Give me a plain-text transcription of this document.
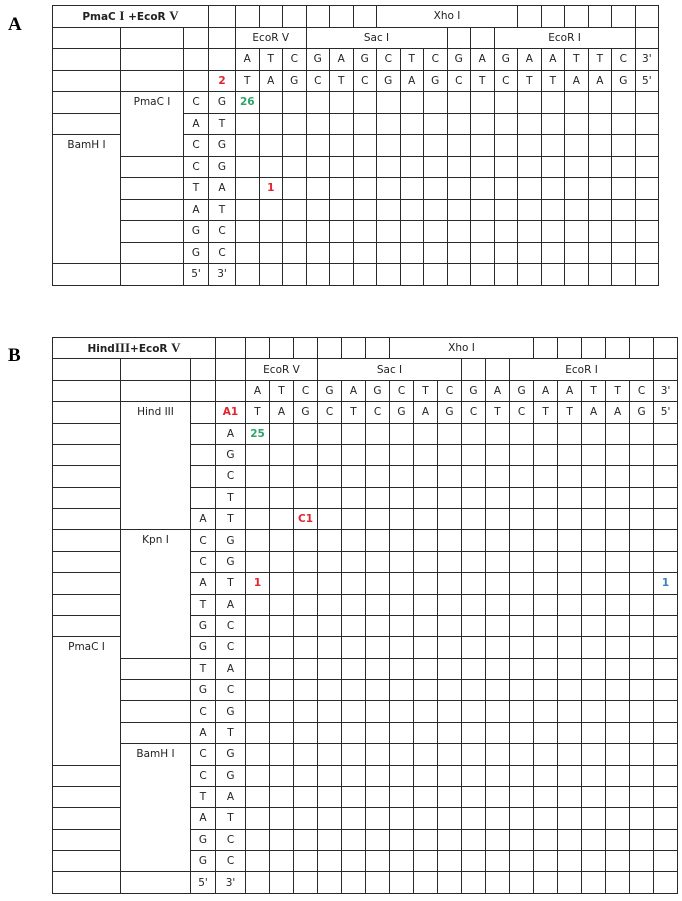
A
B
PmaC I +EcoR V										Xho I											
				EcoR V			Sac I								EcoR I						
				A	T	C	G	A	G	C	T	C	G	A	G	A	A	T	T	C	3'
			2	T	A	G	C	T	C	G	A	G	C	T	C	T	T	A	A	G	5'
	PmaC I	C	G	26																	
		A	T																		
BamH I		C	G																		
		C	G																		
		T	A		1																
		A	T																		
		G	C																		
		G	C																		
		5'	3'																		
HindIII+EcoR V										Xho I											
				EcoR V			Sac I								EcoR I						
				A	T	C	G	A	G	C	T	C	G	A	G	A	A	T	T	C	3'
	Hind III		A1	T	A	G	C	T	C	G	A	G	C	T	C	T	T	A	A	G	5'
			A	25																	
			G																		
			C																		
			T																		
		A	T			C1															
	Kpn I	C	G																		
		C	G																		
		A	T	1																	1
		T	A																		
		G	C																		
PmaC I		G	C																		
		T	A																		
		G	C																		
		C	G																		
		A	T																		
	BamH I	C	G																		
		C	G																		
		T	A																		
		A	T																		
		G	C																		
		G	C																		
		5'	3'																		
